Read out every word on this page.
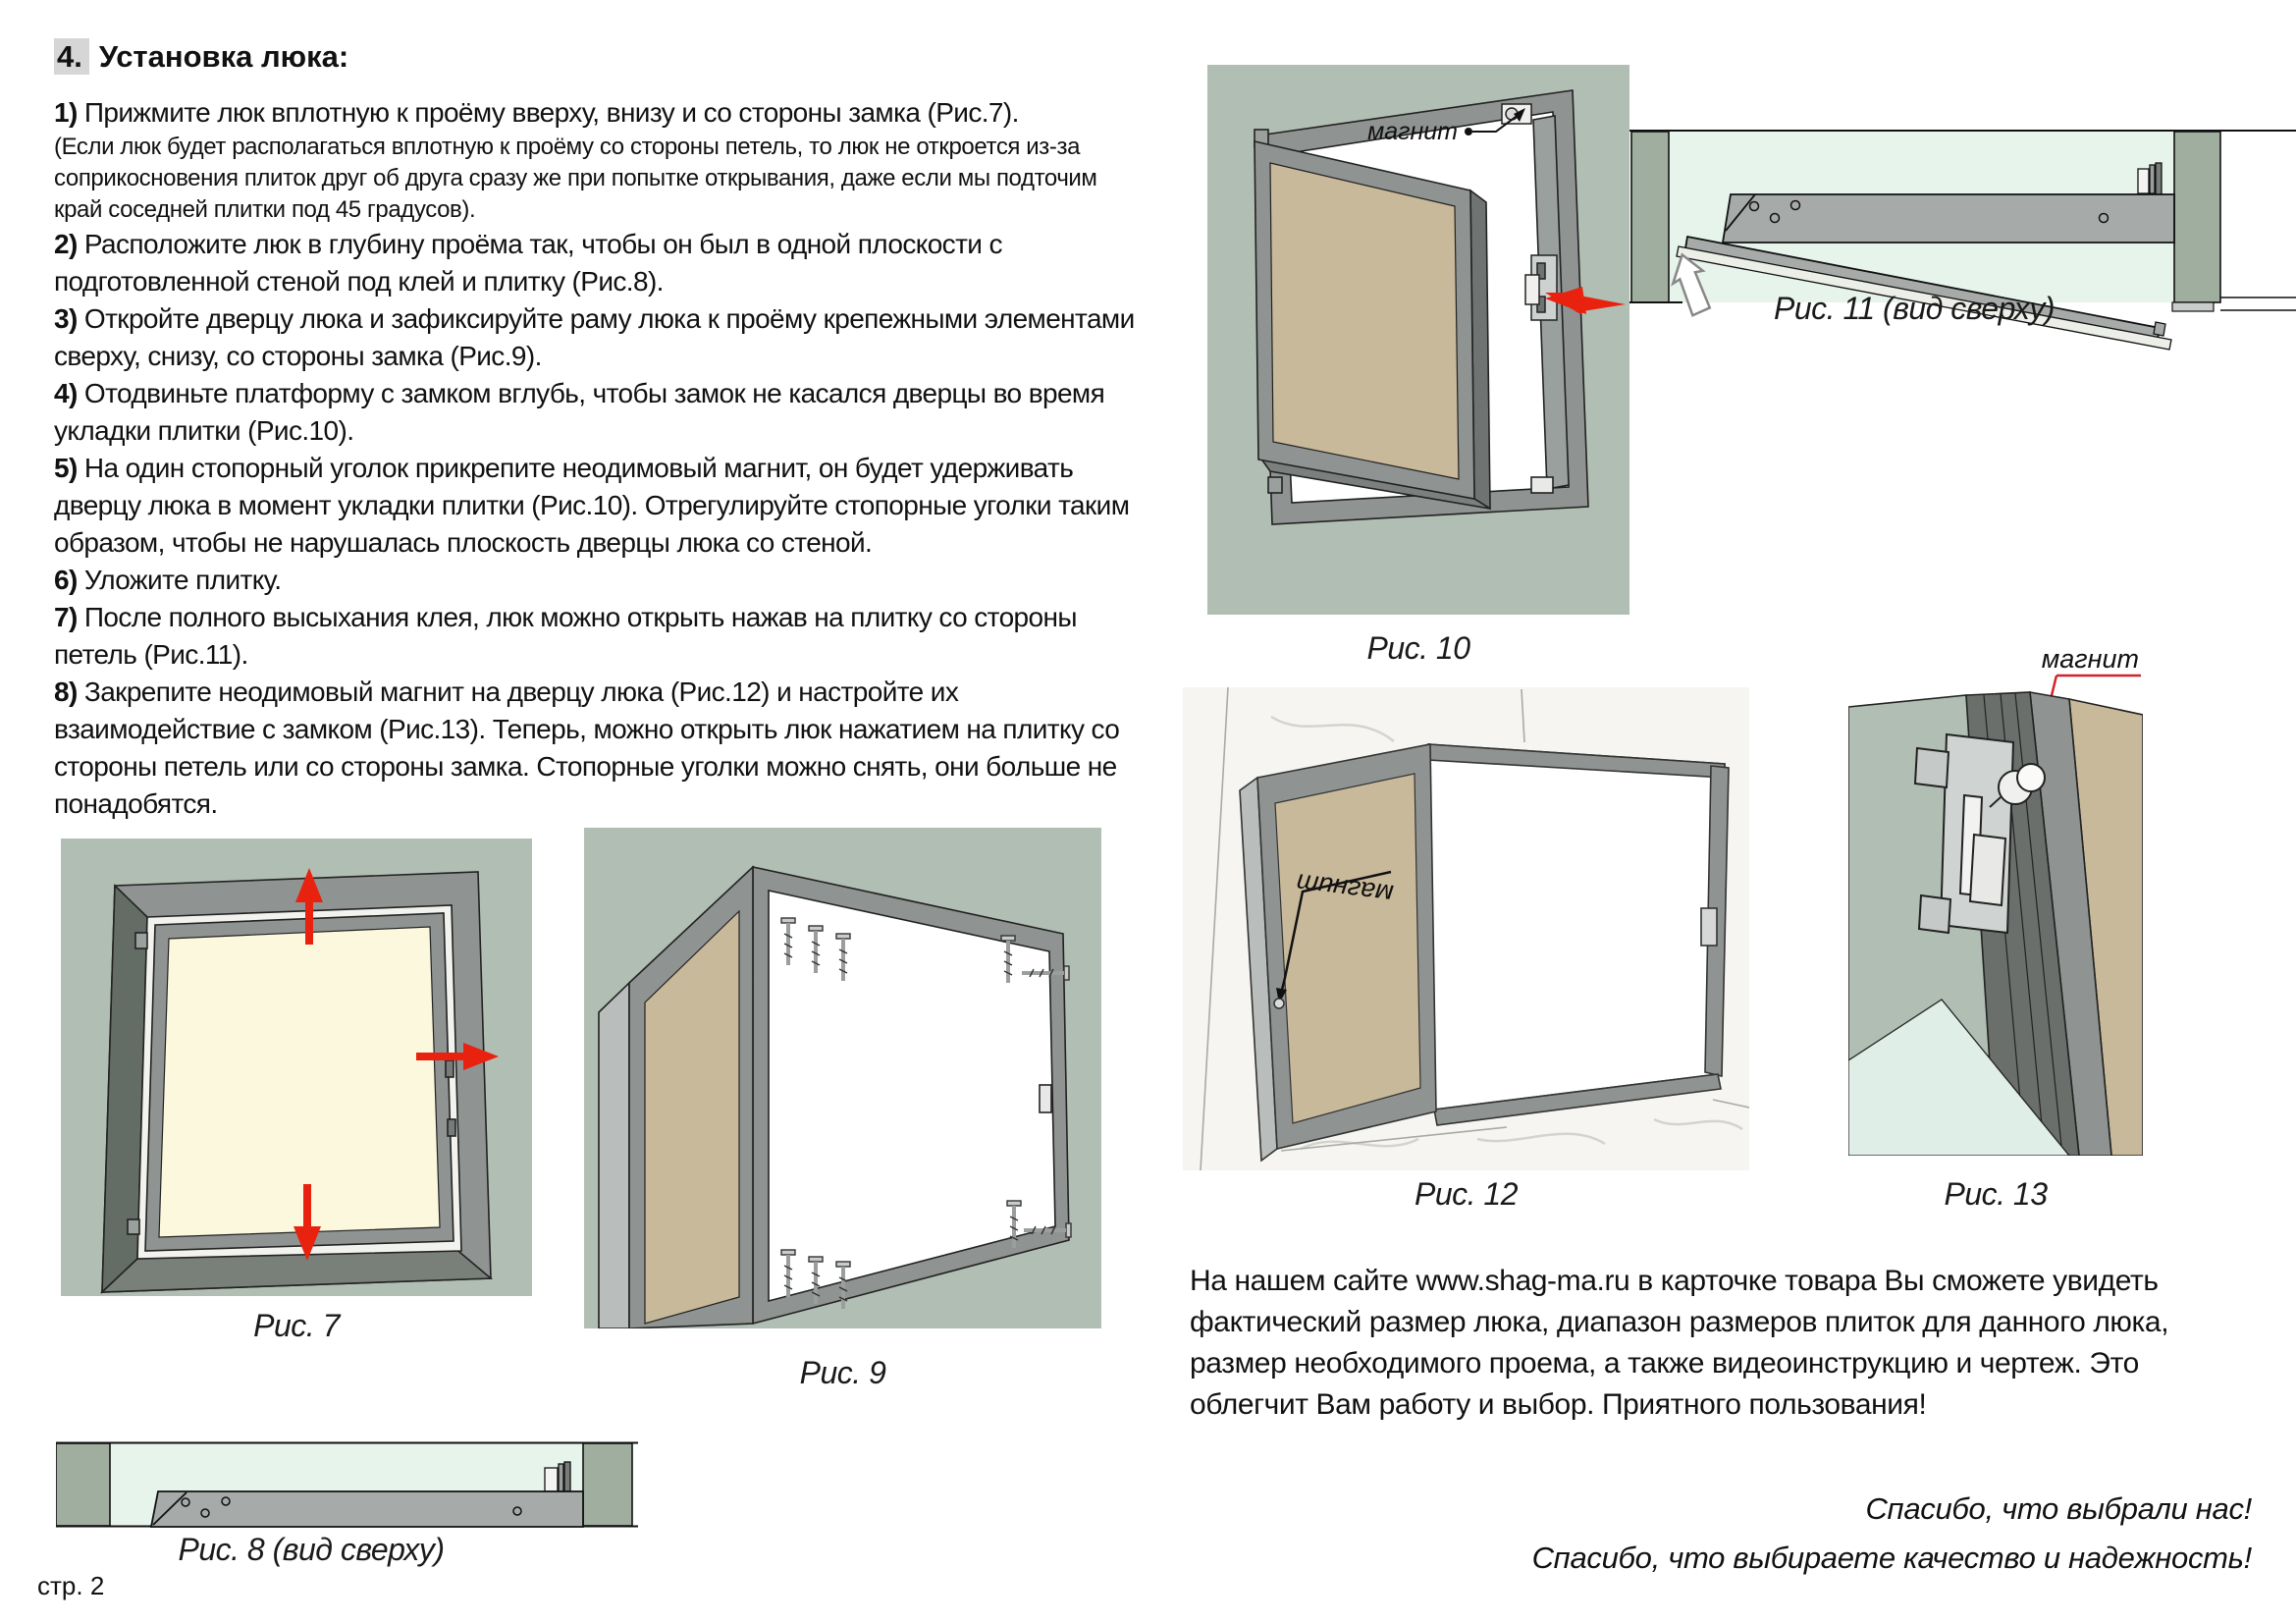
4. Установка люка:

1) Прижмите люк вплотную к проёму вверху, внизу и со стороны замка (Рис.7).

(Если люк будет располагаться вплотную к проёму со стороны петель, то люк не откроется из-за соприкосновения плиток друг об друга сразу же при попытке открывания, даже если мы подточим край соседней плитки под 45 градусов).

2) Расположите люк в глубину проёма так, чтобы он был в одной плоскости с подготовленной стеной под клей и плитку (Рис.8).

3) Откройте дверцу люка и зафиксируйте раму люка к проёму крепежными элементами сверху, снизу, со стороны замка (Рис.9).

4) Отодвиньте платформу с замком вглубь, чтобы замок не касался дверцы во время укладки плитки (Рис.10).

5) На один стопорный уголок прикрепите неодимовый магнит, он будет удерживать дверцу люка в момент укладки плитки (Рис.10). Отрегулируйте стопорные уголки таким образом, чтобы не нарушалась плоскость дверцы люка со стеной.

6) Уложите плитку.

7) После полного высыхания клея, люк можно открыть нажав на плитку со стороны петель (Рис.11).

8) Закрепите неодимовый магнит на дверцу люка (Рис.12) и настройте их взаимодействие с замком (Рис.13). Теперь, можно открыть люк нажатием на плитку со стороны петель или со стороны замка. Стопорные уголки можно снять, они больше не понадобятся.

Рис. 7
Рис. 9
магнит
Рис. 10
Рис. 11 (вид сверху)
магнит
Рис. 12
магнит
Рис. 13
Рис. 8 (вид сверху)
На нашем сайте www.shag-ma.ru в карточке товара Вы сможете увидеть фактический размер люка, диапазон размеров плиток для данного люка, размер необходимого проема, а также видеоинструкцию и чертеж. Это облегчит Вам работу и выбор. Приятного пользования!
Спасибо, что выбрали нас!
Спасибо, что выбираете качество и надежность!
стр. 2
